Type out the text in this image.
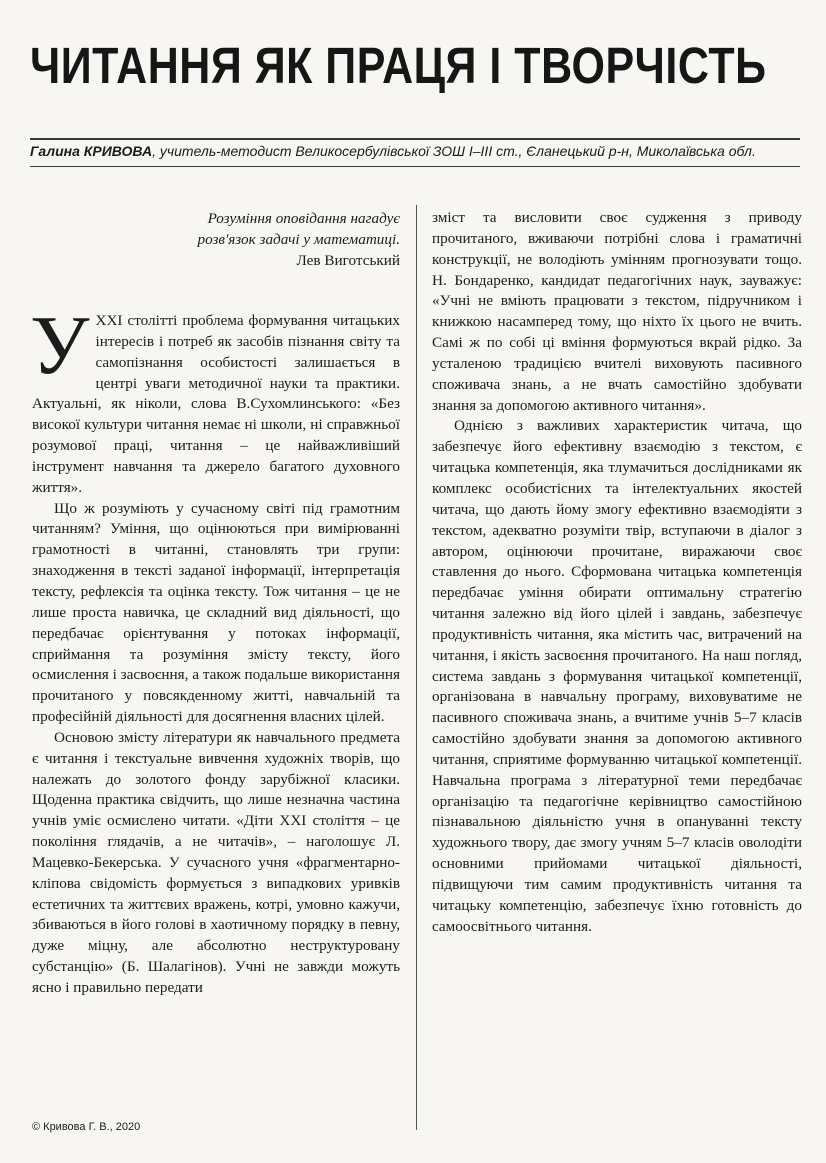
ЧИТАННЯ ЯК ПРАЦЯ І ТВОРЧІСТЬ
Галина КРИВОВА, учитель-методист Великосербулівської ЗОШ І–ІІІ ст., Єланецький р-н, Миколаївська обл.
Розуміння оповідання нагадує
розв'язок задачі у математиці.
Лев Виготський

УХХІ столітті проблема формування читацьких інтересів і потреб як засобів пізнання світу та самопізнання особистості залишається в центрі уваги методичної науки та практики. Актуальні, як ніколи, слова В.Сухомлинського: «Без високої культури читання немає ні школи, ні справжньої розумової праці, читання – це найважливіший інструмент навчання та джерело багатого духовного життя».

Що ж розуміють у сучасному світі під грамотним читанням? Уміння, що оцінюються при вимірюванні грамотності в читанні, становлять три групи: знаходження в тексті заданої інформації, інтерпретація тексту, рефлексія та оцінка тексту. Тож читання – це не лише проста навичка, це складний вид діяльності, що передбачає орієнтування у потоках інформації, сприймання та розуміння змісту тексту, його осмислення і засвоєння, а також подальше використання прочитаного у повсякденному житті, навчальній та професійній діяльності для досягнення власних цілей.

Основою змісту літератури як навчального предмета є читання і текстуальне вивчення художніх творів, що належать до золотого фонду зарубіжної класики. Щоденна практика свідчить, що лише незначна частина учнів уміє осмислено читати. «Діти ХХІ століття – це покоління глядачів, а не читачів», – наголошує Л. Мацевко-Бекерська. У сучасного учня «фрагментарно-кліпова свідомість формується з випадкових уривків естетичних та життєвих вражень, котрі, умовно кажучи, збиваються в його голові в хаотичному порядку в певну, дуже міцну, але абсолютно неструктуровану субстанцію» (Б. Шалагінов). Учні не завжди можуть ясно і правильно передати

зміст та висловити своє судження з приводу прочитаного, вживаючи потрібні слова і граматичні конструкції, не володіють умінням прогнозувати тощо. Н. Бондаренко, кандидат педагогічних наук, зауважує: «Учні не вміють працювати з текстом, підручником і книжкою насамперед тому, що ніхто їх цього не вчить. Самі ж по собі ці вміння формуються вкрай рідко. За усталеною традицією вчителі виховують пасивного споживача знань, а не вчать самостійно здобувати знання за допомогою активного читання».

Однією з важливих характеристик читача, що забезпечує його ефективну взаємодію з текстом, є читацька компетенція, яка тлумачиться дослідниками як комплекс особистісних та інтелектуальних якостей читача, що дають йому змогу ефективно взаємодіяти з текстом, адекватно розуміти твір, вступаючи в діалог з автором, оцінюючи прочитане, виражаючи своє ставлення до нього. Сформована читацька компетенція передбачає уміння обирати оптимальну стратегію читання залежно від його цілей і завдань, забезпечує продуктивність читання, яка містить час, витрачений на читання, і якість засвоєння прочитаного. На наш погляд, система завдань з формування читацької компетенції, організована в навчальну програму, виховуватиме не пасивного споживача знань, а вчитиме учнів 5–7 класів самостійно здобувати знання за допомогою активного читання, сприятиме формуванню читацької компетенції. Навчальна програма з літературної теми передбачає організацію та педагогічне керівництво самостійною пізнавальною діяльністю учня в опануванні тексту художнього твору, дає змогу учням 5–7 класів оволодіти основними прийомами читацької діяльності, підвищуючи тим самим продуктивність читання та читацьку компетенцію, забезпечує їхню готовність до самоосвітнього читання.

© Кривова Г. В., 2020
